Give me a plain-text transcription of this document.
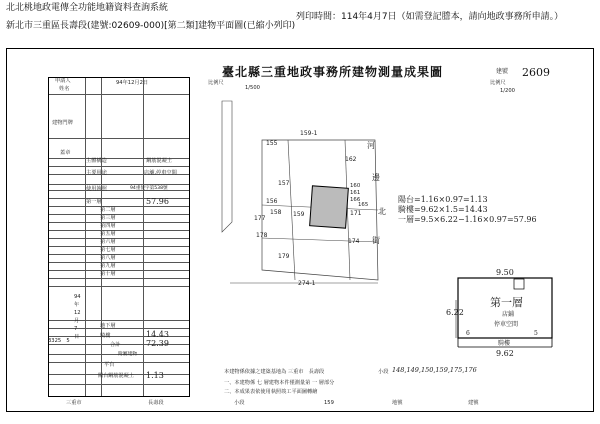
北北桃地政電傳全功能地籍資料查詢系統
新北市三重區長壽段(建號:02609-000)[第二類]建物平面圖(已縮小列印)
列印時間：114年4月7日（如需登記謄本，請向地政事務所申請。）
臺北縣三重地政事務所建物測量成果圖	建號 2609
94年12月2日	比例尺
1/500
比例尺
1/200
申請人
姓名
建物門牌
蓋章
主體構造	鋼筋混凝土
主要用途	店舖,停車空間
使用執照	94重使字第538號
第一層	57.96
第二層
第三層
第四層
第五層
第六層
第七層
第八層
第九層
第十層
地下層
騎樓	14.43
合計	72.39
附屬建物
平台
陽台 鋼筋混凝土 1.13
94
年
12
月
7
日
3325　5
159-1
155
162
157	160
161
156	166
177
158 159	171
165
178
174
179
274-1
河
邊
北
街
陽台=1.16×0.97=1.13
騎樓=9.62×1.5=14.43
一層=9.5×6.22−1.16×0.97=57.96
9.50
9.62
6.22
第一層
店鋪
停車空間
騎樓
6	5
本建物係依據之建築基地為 三重市　長壽段
一、本建物係 七 層建物本件僅測量第 一 層部分
二、本成果表依使用執照竣工平面圖轉繪
小段 148,149,150,159,175,176
三重市	長壽段	小段	159	地號	建號
